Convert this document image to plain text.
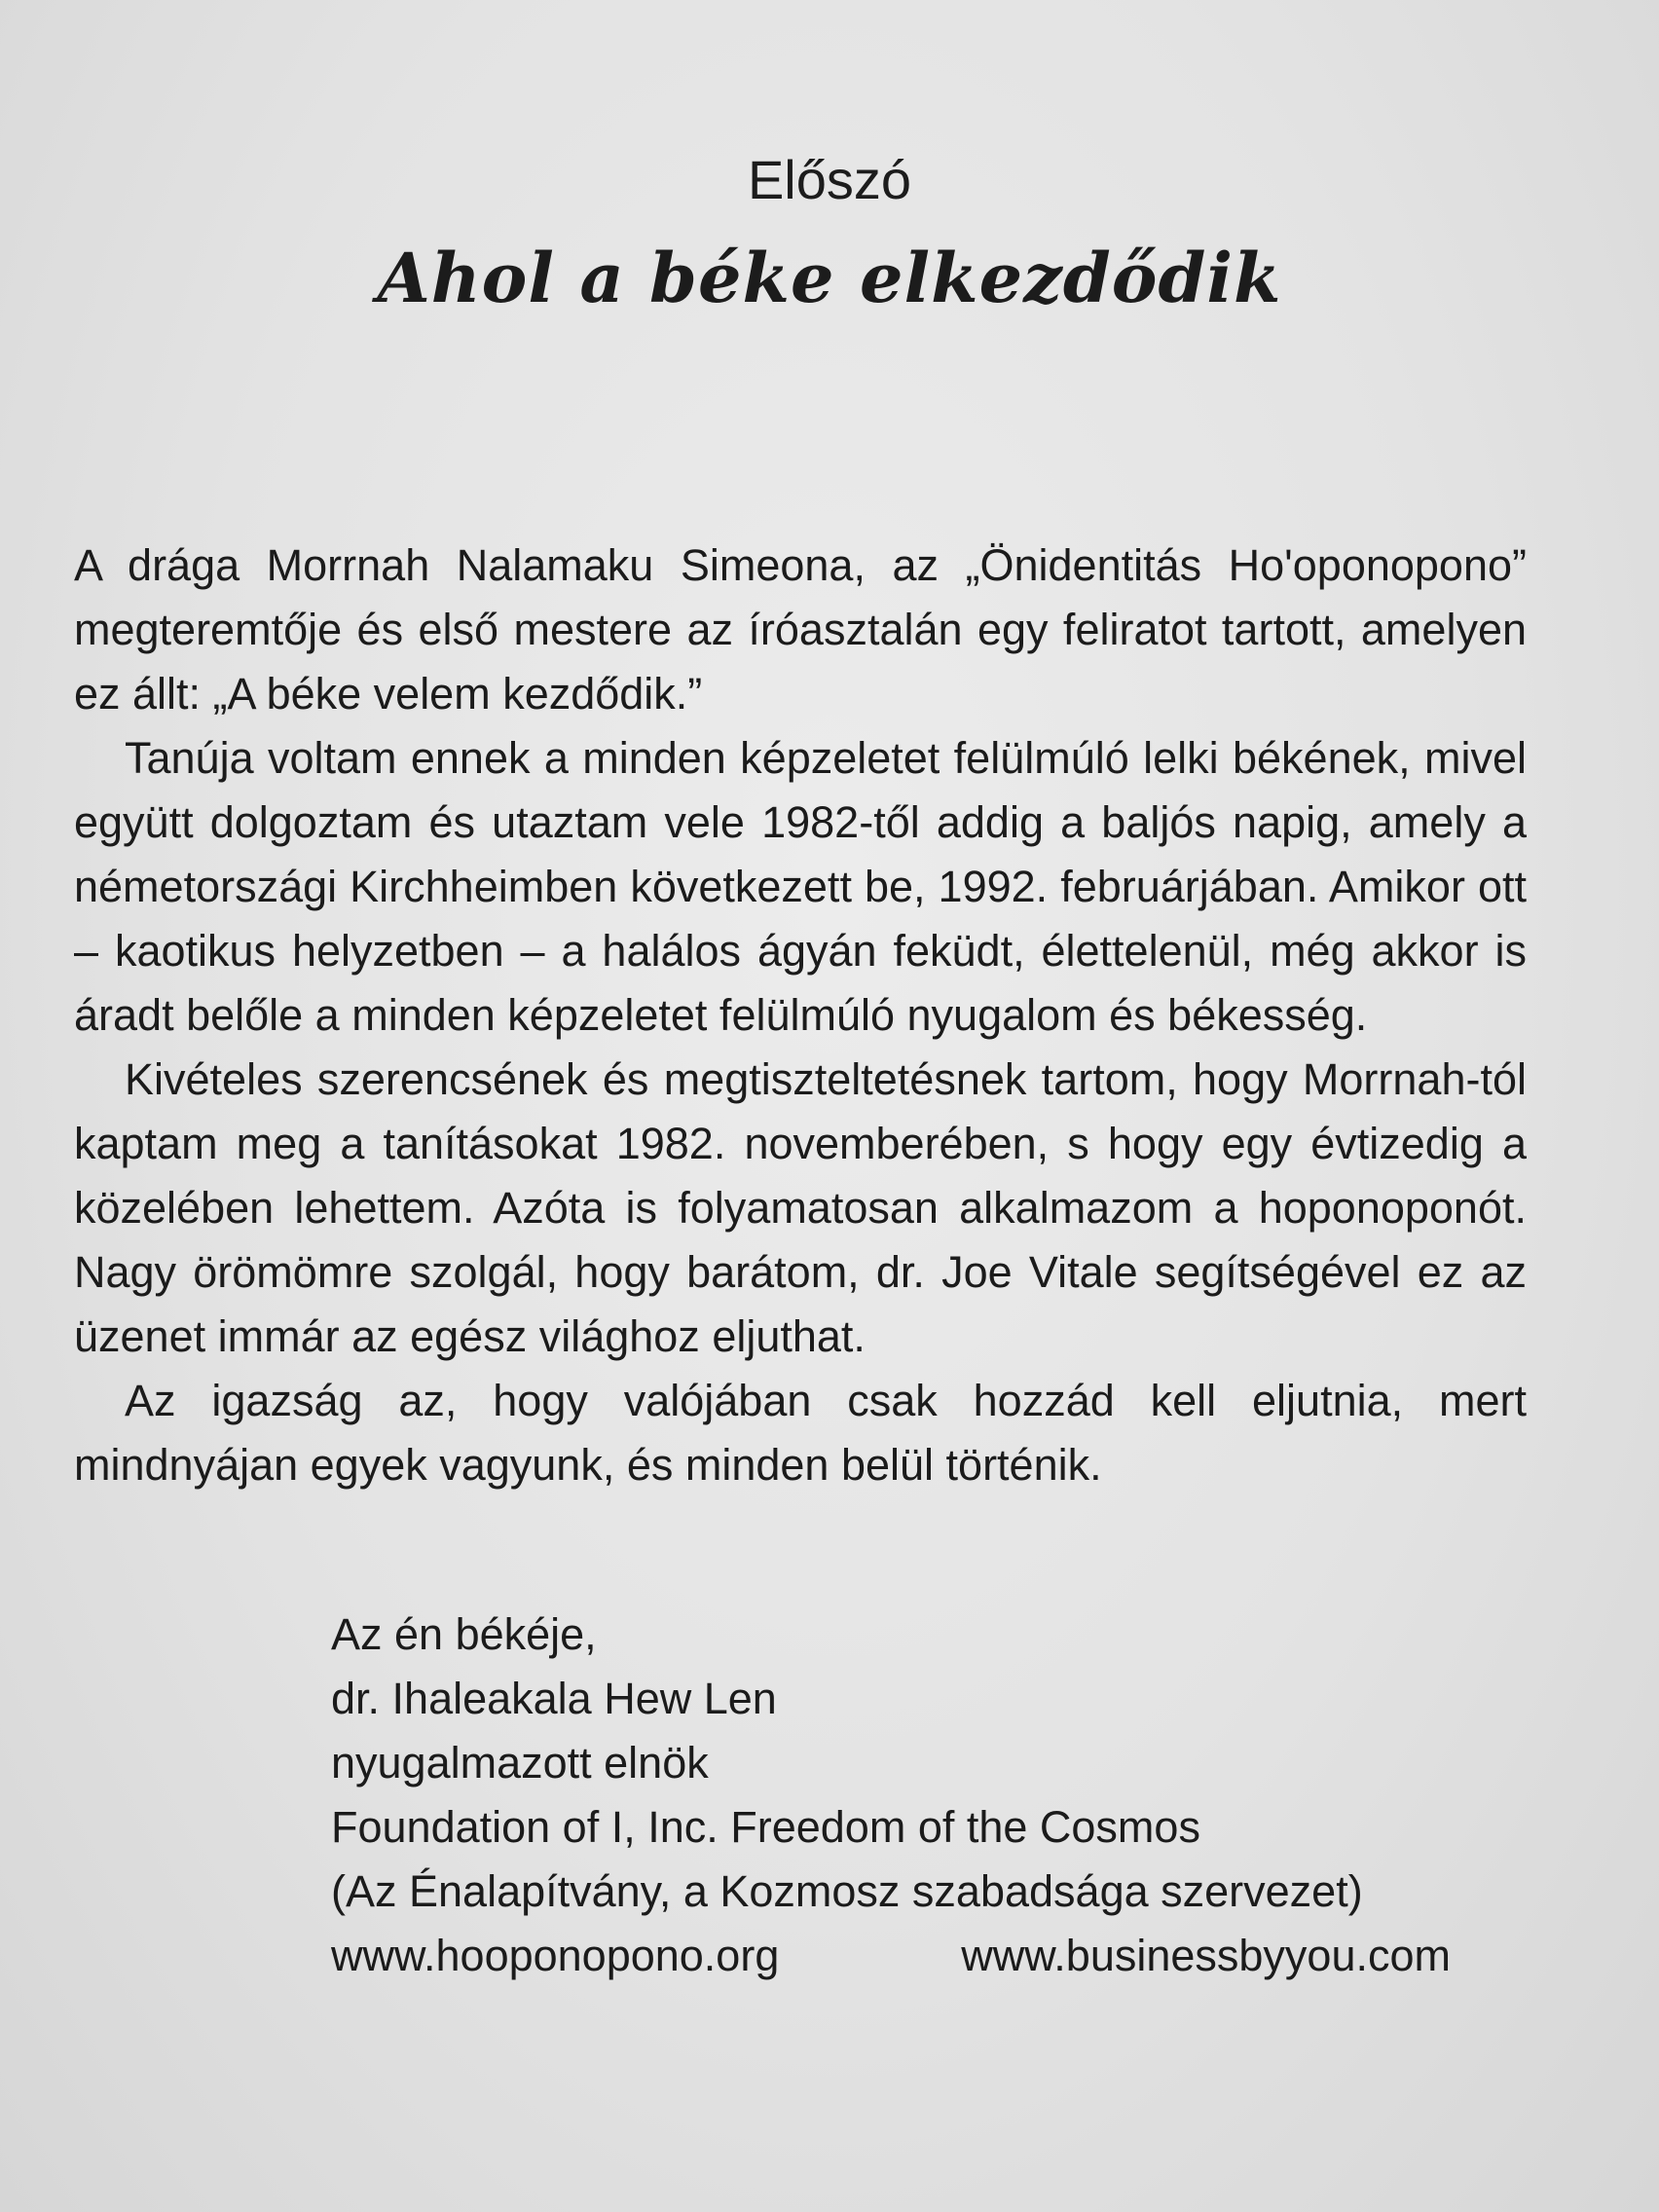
Előszó
Ahol a béke elkezdődik

A drága Morrnah Nalamaku Simeona, az „Önidentitás Ho'oponopono” megteremtője és első mestere az íróasztalán egy feliratot tartott, amelyen ez állt: „A béke velem kezdődik.”

Tanúja voltam ennek a minden képzeletet felülmúló lelki békének, mivel együtt dolgoztam és utaztam vele 1982-től addig a baljós napig, amely a németországi Kirchheimben következett be, 1992. februárjában. Amikor ott – kaotikus helyzetben – a halálos ágyán feküdt, élettelenül, még akkor is áradt belőle a minden képzeletet felülmúló nyugalom és békesség.

Kivételes szerencsének és megtiszteltetésnek tartom, hogy Morrnah-tól kaptam meg a tanításokat 1982. novemberében, s hogy egy évtizedig a közelében lehettem. Azóta is folyamatosan alkalmazom a hoponoponót. Nagy örömömre szolgál, hogy barátom, dr. Joe Vitale segítségével ez az üzenet immár az egész világhoz eljuthat.

Az igazság az, hogy valójában csak hozzád kell eljutnia, mert mindnyájan egyek vagyunk, és minden belül történik.

Az én békéje,
dr. Ihaleakala Hew Len
nyugalmazott elnök
Foundation of I, Inc. Freedom of the Cosmos
(Az Énalapítvány, a Kozmosz szabadsága szervezet)
www.hooponopono.org	www.businessbyyou.com
